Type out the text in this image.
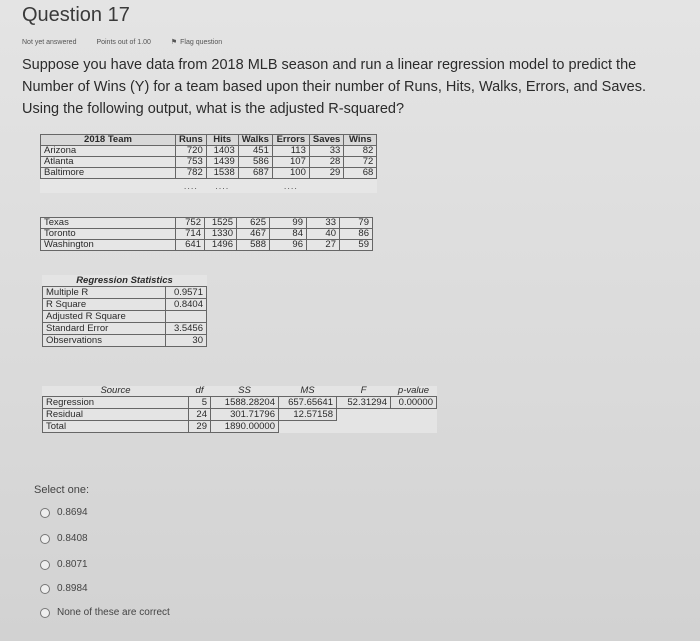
Question 17
Not yet answered	Points out of 1.00	⚑ Flag question
Suppose you have data from 2018 MLB season and run a linear regression model to predict the Number of Wins (Y) for a team based upon their number of Runs, Hits, Walks, Errors, and Saves. Using the following output, what is the adjusted R-squared?
2018 Team	Runs	Hits	Walks	Errors	Saves	Wins
Arizona	720	1403	451	113	33	82
Atlanta	753	1439	586	107	28	72
Baltimore	782	1538	687	100	29	68
	....	....		....		
Texas	752	1525	625	99	33	79
Toronto	714	1330	467	84	40	86
Washington	641	1496	588	96	27	59
Regression Statistics	
Multiple R	0.9571
R Square	0.8404
Adjusted R Square	
Standard Error	3.5456
Observations	30
Source	df	SS	MS	F	p-value
Regression	5	1588.28204	657.65641	52.31294	0.00000
Residual	24	301.71796	12.57158		
Total	29	1890.00000			
Select one:
0.8694
0.8408
0.8071
0.8984
None of these are correct
